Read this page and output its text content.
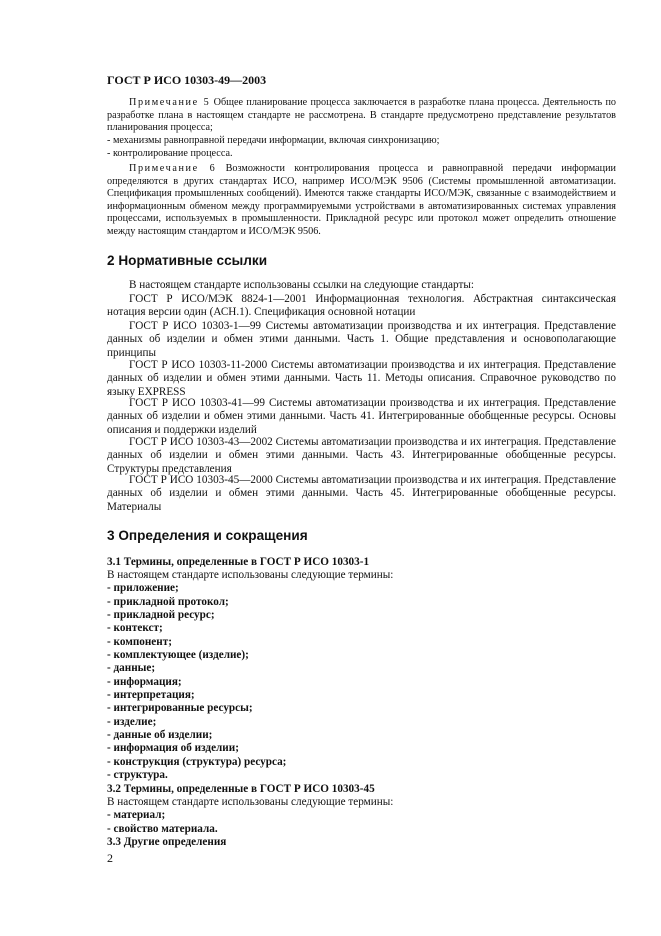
ГОСТ Р ИСО 10303-49—2003
Примечание 5 Общее планирование процесса заключается в разработке плана процесса. Деятельность по разработке плана в настоящем стандарте не рассмотрена. В стандарте предусмотрено представление результатов планирования процесса;
- механизмы равноправной передачи информации, включая синхронизацию;
- контролирование процесса.
Примечание 6 Возможности контролирования процесса и равноправной передачи информации определяются в других стандартах ИСО, например ИСО/МЭК 9506 (Системы промышленной автоматизации. Спецификация промышленных сообщений). Имеются также стандарты ИСО/МЭК, связанные с взаимодействием и информационным обменом между программируемыми устройствами в автоматизированных системах управления процессами, используемых в промышленности. Прикладной ресурс или протокол может определить отношение между настоящим стандартом и ИСО/МЭК 9506.
2 Нормативные ссылки
В настоящем стандарте использованы ссылки на следующие стандарты:
ГОСТ Р ИСО/МЭК 8824-1—2001 Информационная технология. Абстрактная синтаксическая нотация версии один (АСН.1). Спецификация основной нотации
ГОСТ Р ИСО 10303-1—99 Системы автоматизации производства и их интеграция. Представление данных об изделии и обмен этими данными. Часть 1. Общие представления и основополагающие принципы
ГОСТ Р ИСО 10303-11-2000 Системы автоматизации производства и их интеграция. Представление данных об изделии и обмен этими данными. Часть 11. Методы описания. Справочное руководство по языку EXPRESS
ГОСТ Р ИСО 10303-41—99 Системы автоматизации производства и их интеграция. Представление данных об изделии и обмен этими данными. Часть 41. Интегрированные обобщенные ресурсы. Основы описания и поддержки изделий
ГОСТ Р ИСО 10303-43—2002 Системы автоматизации производства и их интеграция. Представление данных об изделии и обмен этими данными. Часть 43. Интегрированные обобщенные ресурсы. Структуры представления
ГОСТ Р ИСО 10303-45—2000 Системы автоматизации производства и их интеграция. Представление данных об изделии и обмен этими данными. Часть 45. Интегрированные обобщенные ресурсы. Материалы
3 Определения и сокращения
3.1 Термины, определенные в ГОСТ Р ИСО 10303-1
В настоящем стандарте использованы следующие термины:
- приложение;
- прикладной протокол;
- прикладной ресурс;
- контекст;
- компонент;
- комплектующее (изделие);
- данные;
- информация;
- интерпретация;
- интегрированные ресурсы;
- изделие;
- данные об изделии;
- информация об изделии;
- конструкция (структура) ресурса;
- структура.
3.2 Термины, определенные в ГОСТ Р ИСО 10303-45
В настоящем стандарте использованы следующие термины:
- материал;
- свойство материала.
3.3 Другие определения
2
